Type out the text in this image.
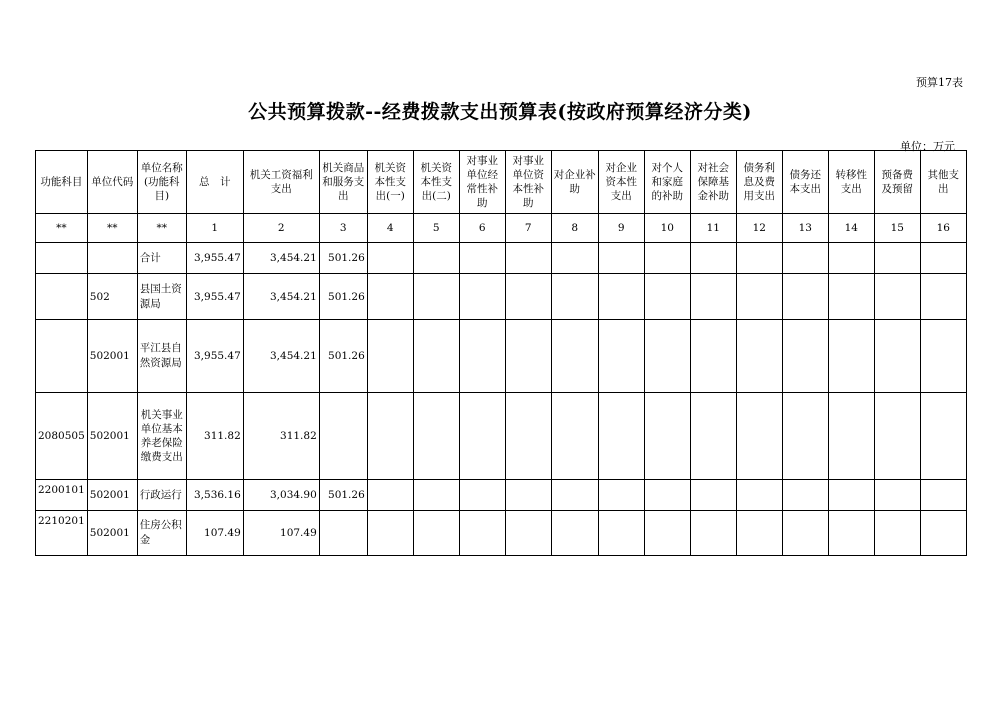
预算17表
公共预算拨款--经费拨款支出预算表(按政府预算经济分类)
单位：万元
功能科目	单位代码	单位名称(功能科目)	总　计	机关工资福利支出	机关商品和服务支出	机关资本性支出(一)	机关资本性支出(二)	对事业单位经常性补助	对事业单位资本性补助	对企业补助	对企业资本性支出	对个人和家庭的补助	对社会保障基金补助	债务利息及费用支出	债务还本支出	转移性支出	预备费及预留	其他支出
**	**	**	1	2	3	4	5	6	7	8	9	10	11	12	13	14	15	16
		合计	3,955.47	3,454.21	501.26													
	502	县国土资源局	3,955.47	3,454.21	501.26													
	502001	平江县自然资源局	3,955.47	3,454.21	501.26													
2080505	502001	机关事业单位基本养老保险缴费支出	311.82	311.82														
2200101	502001	行政运行	3,536.16	3,034.90	501.26													
2210201	502001	住房公积金	107.49	107.49														
